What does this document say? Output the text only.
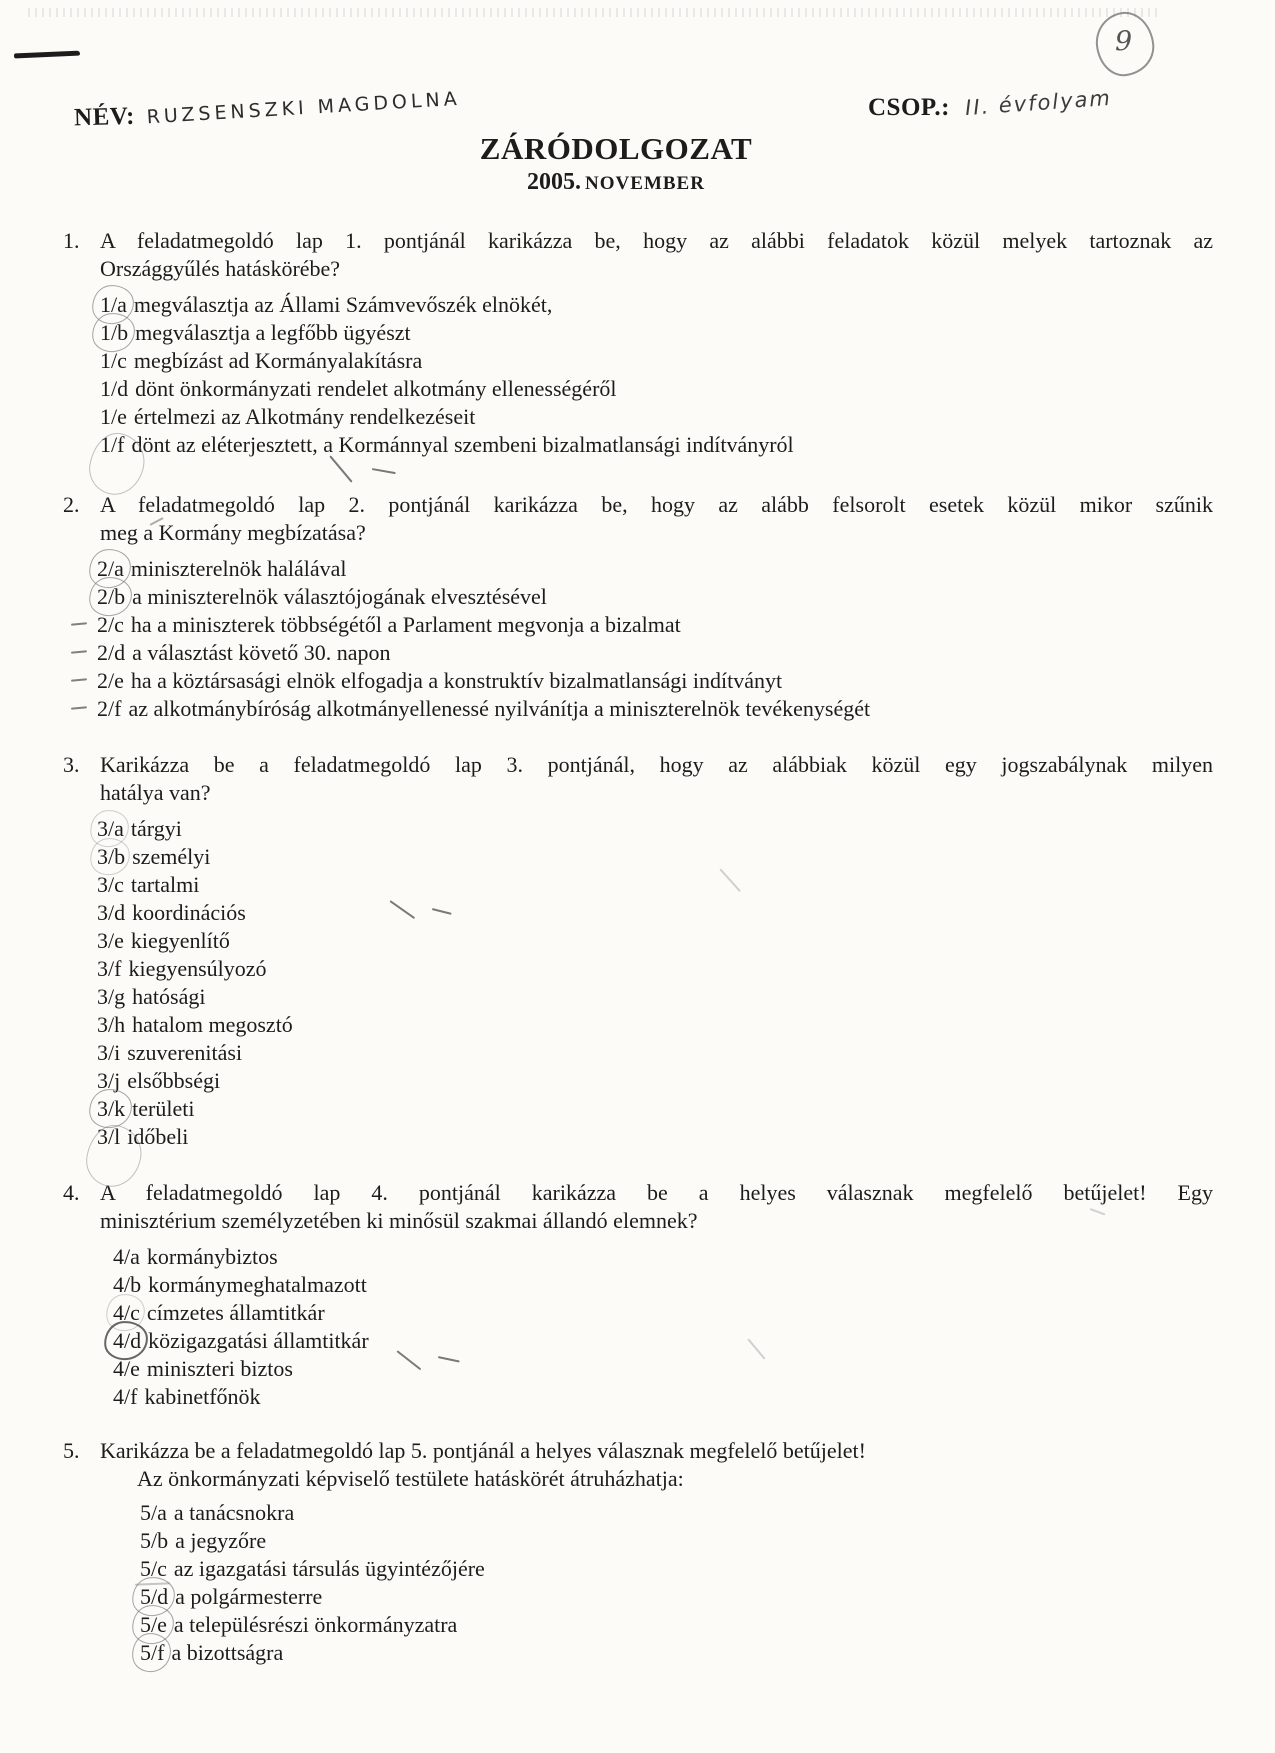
9
NÉV: RUZSENSZKI MAGDOLNA	CSOP.: II. évfolyam
ZÁRÓDOLGOZAT
2005. NOVEMBER
1. A feladatmegoldó lap 1. pontjánál karikázza be, hogy az alábbi feladatok közül melyek tartoznak az
Országgyűlés hatáskörébe?
1/a megválasztja az Állami Számvevőszék elnökét,
1/b megválasztja a legfőbb ügyészt
1/c megbízást ad Kormányalakításra
1/d dönt önkormányzati rendelet alkotmány ellenességéről
1/e értelmezi az Alkotmány rendelkezéseit
1/f dönt az eléterjesztett, a Kormánnyal szembeni bizalmatlansági indítványról
2. A feladatmegoldó lap 2. pontjánál karikázza be, hogy az alább felsorolt esetek közül mikor szűnik
meg a Kormány megbízatása?
2/a miniszterelnök halálával
2/b a miniszterelnök választójogának elvesztésével
2/c ha a miniszterek többségétől a Parlament megvonja a bizalmat
2/d a választást követő 30. napon
2/e ha a köztársasági elnök elfogadja a konstruktív bizalmatlansági indítványt
2/f az alkotmánybíróság alkotmányellenessé nyilvánítja a miniszterelnök tevékenységét
3. Karikázza be a feladatmegoldó lap 3. pontjánál, hogy az alábbiak közül egy jogszabálynak milyen
hatálya van?
3/a tárgyi
3/b személyi
3/c tartalmi
3/d koordinációs
3/e kiegyenlítő
3/f kiegyensúlyozó
3/g hatósági
3/h hatalom megosztó
3/i szuverenitási
3/j elsőbbségi
3/k területi
3/l időbeli
4. A feladatmegoldó lap 4. pontjánál karikázza be a helyes válasznak megfelelő betűjelet! Egy
minisztérium személyzetében ki minősül szakmai állandó elemnek?
4/a kormánybiztos
4/b kormánymeghatalmazott
4/c címzetes államtitkár
4/d közigazgatási államtitkár
4/e miniszteri biztos
4/f kabinetfőnök
5. Karikázza be a feladatmegoldó lap 5. pontjánál a helyes válasznak megfelelő betűjelet!

Az önkormányzati képviselő testülete hatáskörét átruházhatja:

5/a a tanácsnokra
5/b a jegyzőre
5/c az igazgatási társulás ügyintézőjére
5/d a polgármesterre
5/e a településrészi önkormányzatra
5/f a bizottságra
